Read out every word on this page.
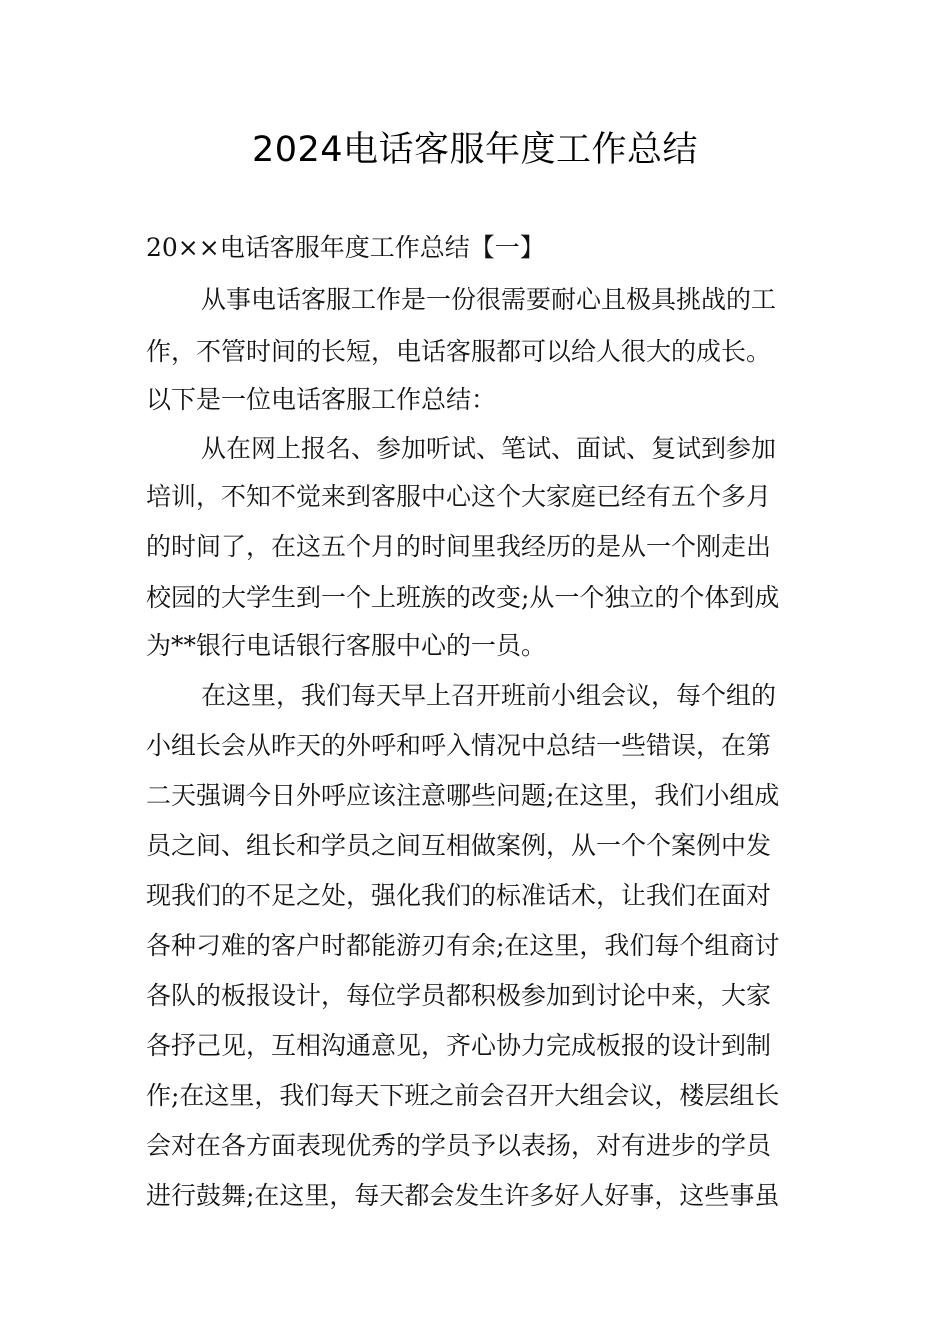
2024电话客服年度工作总结
20××电话客服年度工作总结【一】
从事电话客服工作是一份很需要耐心且极具挑战的工
作，不管时间的长短，电话客服都可以给人很大的成长。
以下是一位电话客服工作总结：
从在网上报名、参加听试、笔试、面试、复试到参加
培训，不知不觉来到客服中心这个大家庭已经有五个多月
的时间了，在这五个月的时间里我经历的是从一个刚走出
校园的大学生到一个上班族的改变;从一个独立的个体到成
为**银行电话银行客服中心的一员。
在这里，我们每天早上召开班前小组会议，每个组的
小组长会从昨天的外呼和呼入情况中总结一些错误，在第
二天强调今日外呼应该注意哪些问题;在这里，我们小组成
员之间、组长和学员之间互相做案例，从一个个案例中发
现我们的不足之处，强化我们的标准话术，让我们在面对
各种刁难的客户时都能游刃有余;在这里，我们每个组商讨
各队的板报设计，每位学员都积极参加到讨论中来，大家
各抒己见，互相沟通意见，齐心协力完成板报的设计到制
作;在这里，我们每天下班之前会召开大组会议，楼层组长
会对在各方面表现优秀的学员予以表扬，对有进步的学员
进行鼓舞;在这里，每天都会发生许多好人好事，这些事虽
